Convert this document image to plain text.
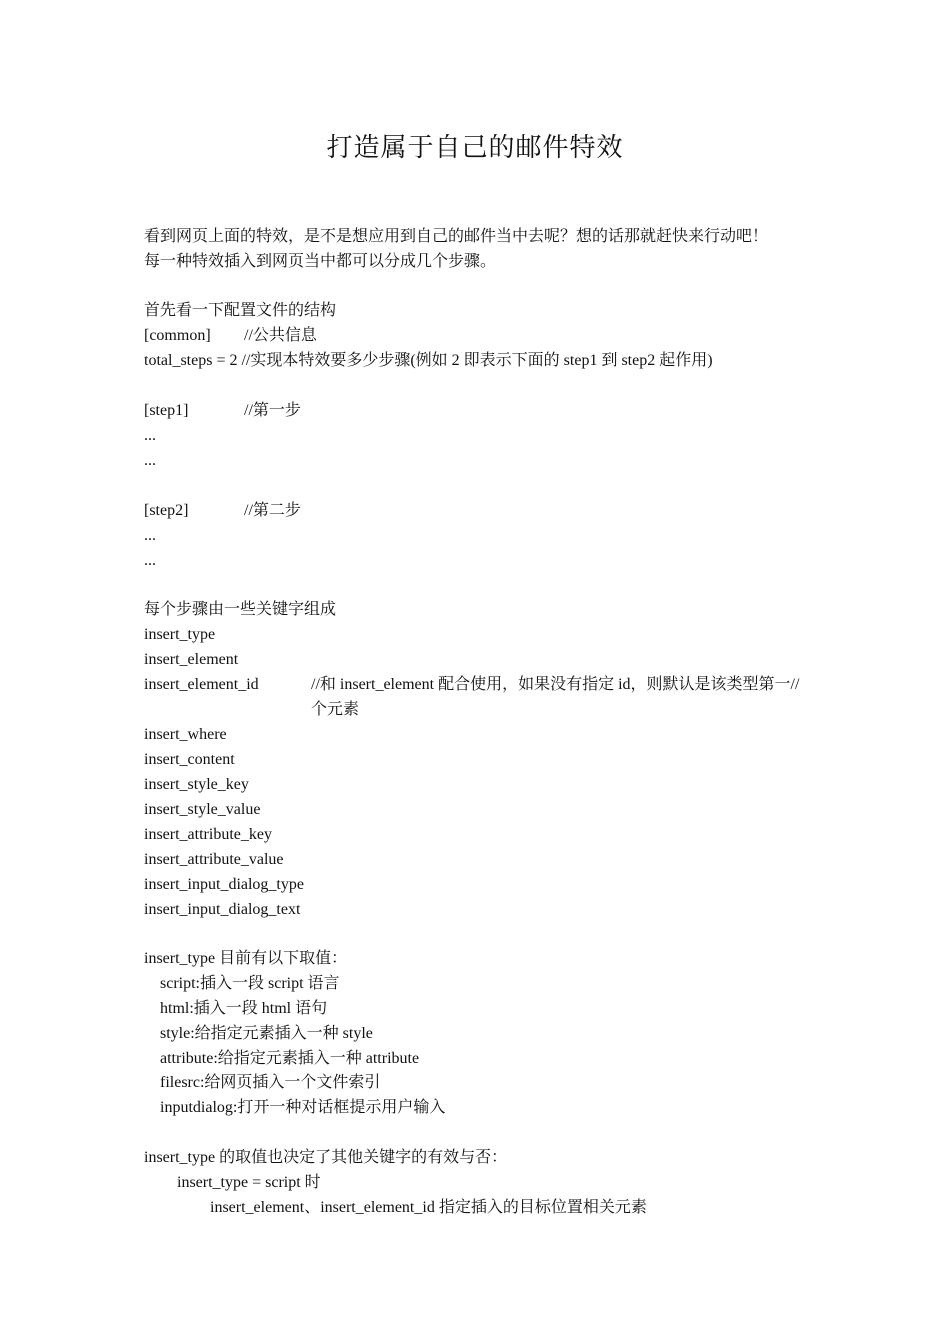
打造属于自己的邮件特效
看到网页上面的特效，是不是想应用到自己的邮件当中去呢？想的话那就赶快来行动吧！
每一种特效插入到网页当中都可以分成几个步骤。
首先看一下配置文件的结构
[common] //公共信息
total_steps = 2 //实现本特效要多少步骤(例如 2 即表示下面的 step1 到 step2 起作用)
[step1]	//第一步
...
...
[step2]	//第二步
...
...
每个步骤由一些关键字组成
insert_type
insert_element
insert_element_id	//和 insert_element 配合使用，如果没有指定 id，则默认是该类型第一//
个元素
insert_where
insert_content
insert_style_key
insert_style_value
insert_attribute_key
insert_attribute_value
insert_input_dialog_type
insert_input_dialog_text
insert_type 目前有以下取值：
script:插入一段 script 语言
html:插入一段 html 语句
style:给指定元素插入一种 style
attribute:给指定元素插入一种 attribute
filesrc:给网页插入一个文件索引
inputdialog:打开一种对话框提示用户输入
insert_type 的取值也决定了其他关键字的有效与否：
insert_type = script 时
insert_element、insert_element_id 指定插入的目标位置相关元素
